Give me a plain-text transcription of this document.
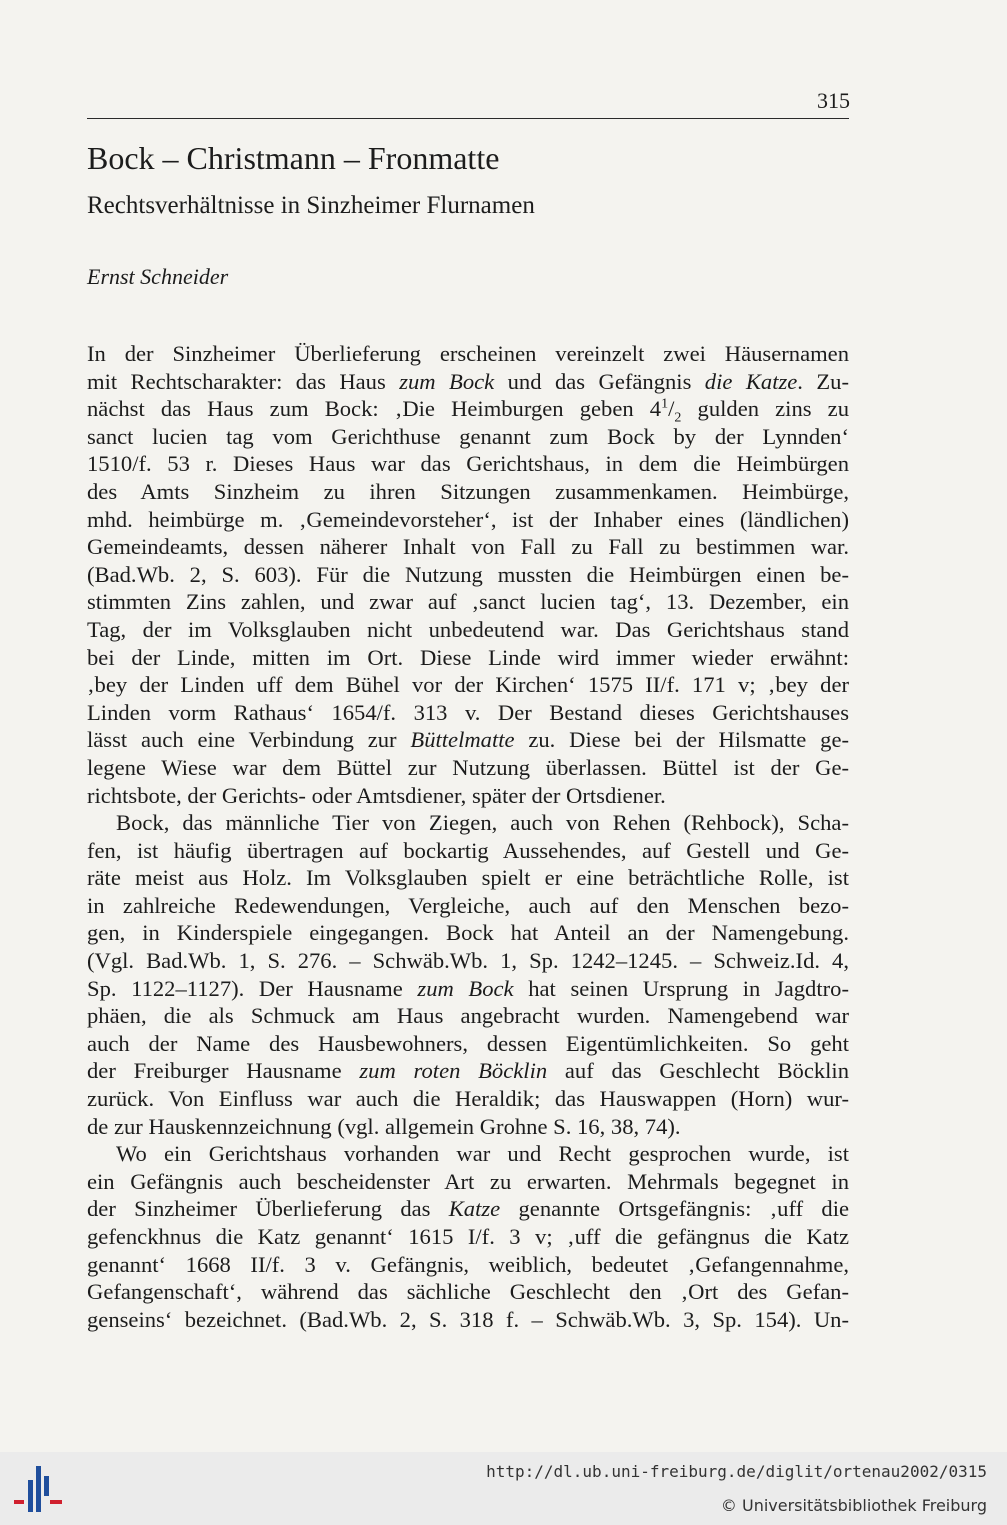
315
Bock – Christmann – Fronmatte
Rechtsverhältnisse in Sinzheimer Flurnamen
Ernst Schneider
In der Sinzheimer Überlieferung erscheinen vereinzelt zwei Häusernamen
mit Rechtscharakter: das Haus zum Bock und das Gefängnis die Katze. Zu-
nächst das Haus zum Bock: ‚Die Heimburgen geben $4^1/_2$ gulden zins zu
sanct lucien tag vom Gerichthuse genannt zum Bock by der Lynnden‘
1510/f. 53 r. Dieses Haus war das Gerichtshaus, in dem die Heimbürgen
des Amts Sinzheim zu ihren Sitzungen zusammenkamen. Heimbürge,
mhd. heimbürge m. ‚Gemeindevorsteher‘, ist der Inhaber eines (ländlichen)
Gemeindeamts, dessen näherer Inhalt von Fall zu Fall zu bestimmen war.
(Bad.Wb. 2, S. 603). Für die Nutzung mussten die Heimbürgen einen be-
stimmten Zins zahlen, und zwar auf ‚sanct lucien tag‘, 13. Dezember, ein
Tag, der im Volksglauben nicht unbedeutend war. Das Gerichtshaus stand
bei der Linde, mitten im Ort. Diese Linde wird immer wieder erwähnt:
‚bey der Linden uff dem Bühel vor der Kirchen‘ 1575 II/f. 171 v; ‚bey der
Linden vorm Rathaus‘ 1654/f. 313 v. Der Bestand dieses Gerichtshauses
lässt auch eine Verbindung zur Büttelmatte zu. Diese bei der Hilsmatte ge-
legene Wiese war dem Büttel zur Nutzung überlassen. Büttel ist der Ge-
richtsbote, der Gerichts- oder Amtsdiener, später der Ortsdiener.
Bock, das männliche Tier von Ziegen, auch von Rehen (Rehbock), Scha-
fen, ist häufig übertragen auf bockartig Aussehendes, auf Gestell und Ge-
räte meist aus Holz. Im Volksglauben spielt er eine beträchtliche Rolle, ist
in zahlreiche Redewendungen, Vergleiche, auch auf den Menschen bezo-
gen, in Kinderspiele eingegangen. Bock hat Anteil an der Namengebung.
(Vgl. Bad.Wb. 1, S. 276. – Schwäb.Wb. 1, Sp. 1242–1245. – Schweiz.Id. 4,
Sp. 1122–1127). Der Hausname zum Bock hat seinen Ursprung in Jagdtro-
phäen, die als Schmuck am Haus angebracht wurden. Namengebend war
auch der Name des Hausbewohners, dessen Eigentümlichkeiten. So geht
der Freiburger Hausname zum roten Böcklin auf das Geschlecht Böcklin
zurück. Von Einfluss war auch die Heraldik; das Hauswappen (Horn) wur-
de zur Hauskennzeichnung (vgl. allgemein Grohne S. 16, 38, 74).
Wo ein Gerichtshaus vorhanden war und Recht gesprochen wurde, ist
ein Gefängnis auch bescheidenster Art zu erwarten. Mehrmals begegnet in
der Sinzheimer Überlieferung das Katze genannte Ortsgefängnis: ‚uff die
gefenckhnus die Katz genannt‘ 1615 I/f. 3 v; ‚uff die gefängnus die Katz
genannt‘ 1668 II/f. 3 v. Gefängnis, weiblich, bedeutet ‚Gefangennahme,
Gefangenschaft‘, während das sächliche Geschlecht den ‚Ort des Gefan-
genseins‘ bezeichnet. (Bad.Wb. 2, S. 318 f. – Schwäb.Wb. 3, Sp. 154). Un-
http://dl.ub.uni-freiburg.de/diglit/ortenau2002/0315
© Universitätsbibliothek Freiburg
